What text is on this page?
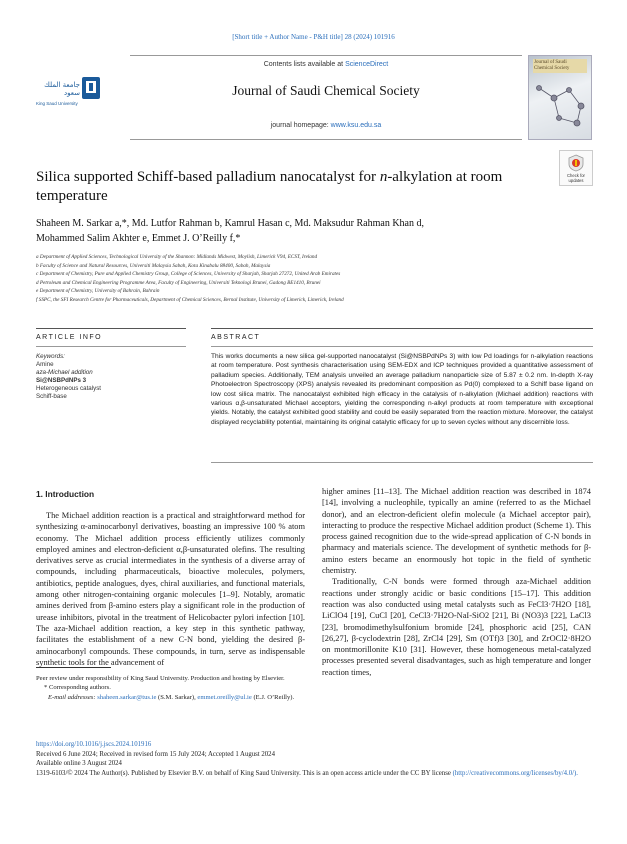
[Short title + Author Name - P&H title] 28 (2024) 101916
Contents lists available at ScienceDirect
Journal of Saudi Chemical Society
journal homepage: www.ksu.edu.sa
جامعة الملك سعود
King Saud University
Journal of Saudi Chemical Society
Check for updates
Silica supported Schiff-based palladium nanocatalyst for n-alkylation at room temperature
Shaheen M. Sarkar a,*, Md. Lutfor Rahman b, Kamrul Hasan c, Md. Maksudur Rahman Khan d,
Mohammed Salim Akhter e, Emmet J. O’Reilly f,*
a Department of Applied Sciences, Technological University of the Shannon: Midlands Midwest, Moylish, Limerick V94, ECST, Ireland
b Faculty of Science and Natural Resources, Universiti Malaysia Sabah, Kota Kinabalu 88400, Sabah, Malaysia
c Department of Chemistry, Pure and Applied Chemistry Group, College of Sciences, University of Sharjah, Sharjah 27272, United Arab Emirates
d Petroleum and Chemical Engineering Programme Area, Faculty of Engineering, Universiti Teknologi Brunei, Gadong BE1410, Brunei
e Department of Chemistry, University of Bahrain, Bahrain
f SSPC, the SFI Research Centre for Pharmaceuticals, Department of Chemical Sciences, Bernal Institute, University of Limerick, Limerick, Ireland
ARTICLE INFO	ABSTRACT
Keywords:
Amine
aza-Michael addition
Si@NSBPdNPs 3
Heterogeneous catalyst
Schiff-base
This works documents a new silica gel-supported nanocatalyst (Si@NSBPdNPs 3) with low Pd loadings for n-alkylation reactions at room temperature. Post synthesis characterisation using SEM-EDX and ICP techniques provided a quantitative assessment of palladium species. Additionally, TEM analysis unveiled an average palladium nanoparticle size of 5.87 ± 0.2 nm. In-depth X-ray Photoelectron Spectroscopy (XPS) analysis revealed its predominant composition as Pd(0) complexed to a Schiff base ligand on low cost silica matrix. The nanocatalyst exhibited high efficacy in the catalysis of n-alkylation (Michael addition) reactions with various α,β-unsaturated Michael acceptors, yielding the corresponding n-alkyl products at room temperature with exceptional yields. Notably, the catalyst exhibited good stability and could be easily separated from the reaction mixture. Moreover, the catalyst displayed recyclability potential, maintaining its original catalytic efficacy for up to seven cycles without any discernible loss.
1. Introduction

The Michael addition reaction is a practical and straightforward method for synthesizing α-aminocarbonyl derivatives, boasting an impressive 100 % atom economy. The Michael addition process efficiently utilizes commonly employed amines and electron-deficient α,β-unsaturated olefins. The resulting derivatives serve as crucial intermediates in the synthesis of a diverse array of compounds, including pharmaceuticals, bioactive molecules, polymers, antibiotics, peptide analogues, dyes, chiral auxiliaries, and functional materials, among other nitrogen-containing organic molecules [1–9]. Notably, aromatic amines derived from β-amino esters play a significant role in the production of urease inhibitors, pivotal in the treatment of Helicobacter pylori infection [10]. The aza-Michael addition reaction, a key step in this synthetic pathway, facilitates the establishment of a new C-N bond, yielding the desired β-aminocarbonyl compounds. These compounds, in turn, serve as indispensable synthetic tools for the advancement of

higher amines [11–13]. The Michael addition reaction was described in 1874 [14], involving a nucleophile, typically an amine (referred to as the Michael donor), and an electron-deficient olefin molecule (a Michael acceptor pair), interacting to produce the respective Michael addition product (Scheme 1). This process gained recognition due to the wide-spread application of C-N bonds in pharmacy and materials science. The development of synthetic methods for β-amino esters became an enormously hot topic in the field of synthetic chemistry.

Traditionally, C-N bonds were formed through aza-Michael addition reactions under strongly acidic or basic conditions [15–17]. This addition reaction was also conducted using metal catalysts such as FeCl3·7H2O [18], LiClO4 [19], CuCl [20], CeCl3·7H2O-NaI-SiO2 [21], Bi (NO3)3 [22], LaCl3 [23], bromodimethylsulfonium bromide [24], phosphoric acid [25], CAN [26,27], β-cyclodextrin [28], ZrCl4 [29], Sm (OTf)3 [30], and ZrOCl2·8H2O on montmorillonite K10 [31]. However, these homogeneous metal-catalyzed processes presented several disadvantages, such as high temperature and longer reaction times,

Peer review under responsibility of King Saud University. Production and hosting by Elsevier.
* Corresponding authors.
E-mail addresses: shaheen.sarkar@tus.ie (S.M. Sarkar), emmet.oreilly@ul.ie (E.J. O’Reilly).
https://doi.org/10.1016/j.jscs.2024.101916
Received 6 June 2024; Received in revised form 15 July 2024; Accepted 1 August 2024
Available online 3 August 2024
1319-6103/© 2024 The Author(s). Published by Elsevier B.V. on behalf of King Saud University. This is an open access article under the CC BY license (http://creativecommons.org/licenses/by/4.0/).
